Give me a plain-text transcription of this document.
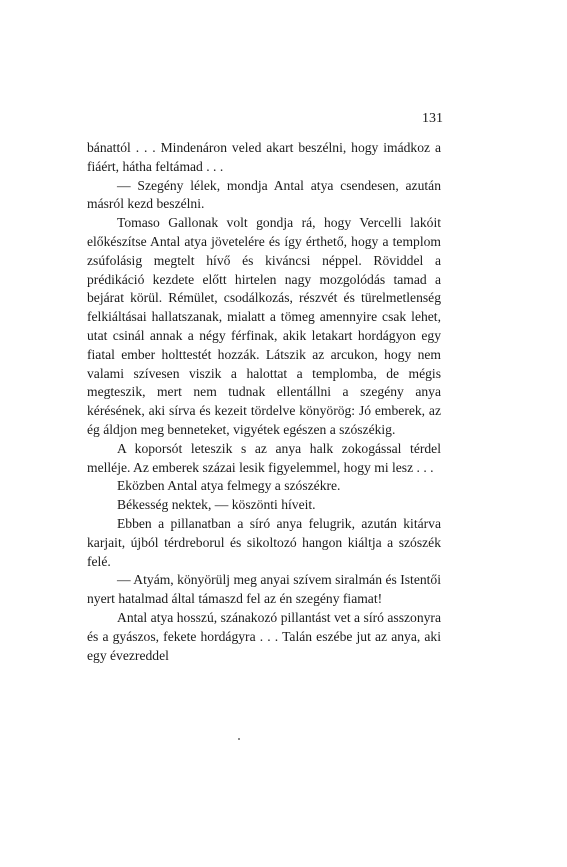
131

bánattól . . . Mindenáron veled akart beszélni, hogy imádkoz a fiáért, hátha feltámad . . .

— Szegény lélek, mondja Antal atya csendesen, azután másról kezd beszélni.

Tomaso Gallonak volt gondja rá, hogy Vercelli lakóit előkészítse Antal atya jövetelére és így érthető, hogy a templom zsúfolásig megtelt hívő és kiváncsi néppel. Röviddel a prédikáció kezdete előtt hirtelen nagy mozgolódás tamad a bejárat körül. Rémület, csodálkozás, részvét és türelmetlenség felkiáltásai hallatszanak, mialatt a tömeg amennyire csak lehet, utat csinál annak a négy férfinak, akik letakart hordágyon egy fiatal ember holttestét hozzák. Látszik az arcukon, hogy nem valami szívesen viszik a halottat a templomba, de mégis megteszik, mert nem tudnak ellentállni a szegény anya kérésének, aki sírva és kezeit tördelve könyörög: Jó emberek, az ég áldjon meg benneteket, vigyétek egészen a szószékig.

A koporsót leteszik s az anya halk zokogással térdel melléje. Az emberek százai lesik figyelemmel, hogy mi lesz . . .

Eközben Antal atya felmegy a szószékre.

Békesség nektek, — köszönti híveit.

Ebben a pillanatban a síró anya felugrik, azután kitárva karjait, újból térdreborul és sikoltozó hangon kiáltja a szószék felé.

— Atyám, könyörülj meg anyai szívem siralmán és Istentői nyert hatalmad által támaszd fel az én szegény fiamat!

Antal atya hosszú, szánakozó pillantást vet a síró asszonyra és a gyászos, fekete hordágyra . . . Talán eszébe jut az anya, aki egy évezreddel
